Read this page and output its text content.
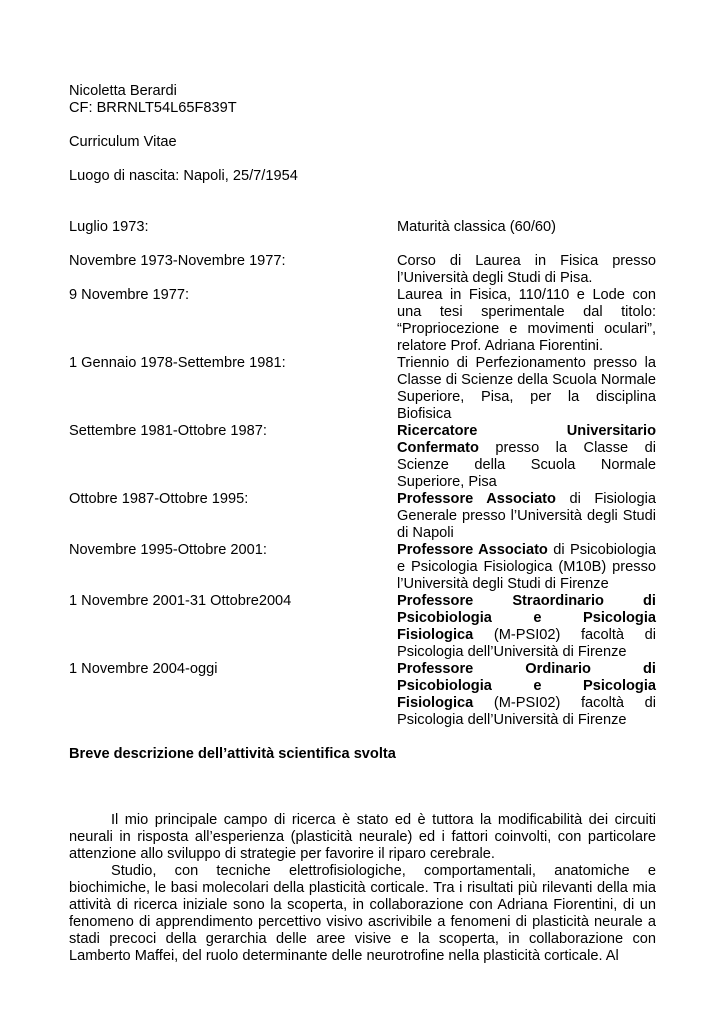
Nicoletta Berardi

CF: BRRNLT54L65F839T

Curriculum Vitae

Luogo di nascita: Napoli, 25/7/1954

Luglio 1973:	Maturità classica (60/60)
Novembre 1973-Novembre 1977:	Corso di Laurea in Fisica presso l’Università degli Studi di Pisa.
9 Novembre 1977:	Laurea in Fisica, 110/110 e Lode con una tesi sperimentale dal titolo: “Propriocezione e movimenti oculari”, relatore Prof. Adriana Fiorentini.
1 Gennaio 1978-Settembre 1981:	Triennio di Perfezionamento presso la Classe di Scienze della Scuola Normale Superiore, Pisa, per la disciplina Biofisica
Settembre 1981-Ottobre 1987:	Ricercatore Universitario Confermato presso la Classe di Scienze della Scuola Normale Superiore, Pisa
Ottobre 1987-Ottobre 1995:	Professore Associato di Fisiologia Generale presso l’Università degli Studi di Napoli
Novembre 1995-Ottobre 2001:	Professore Associato di Psicobiologia e Psicologia Fisiologica (M10B) presso l’Università degli Studi di Firenze
1 Novembre 2001-31 Ottobre2004	Professore Straordinario di Psicobiologia e Psicologia Fisiologica (M-PSI02) facoltà di Psicologia dell’Università di Firenze
1 Novembre 2004-oggi	Professore Ordinario di Psicobiologia e Psicologia Fisiologica (M-PSI02) facoltà di Psicologia dell’Università di Firenze

Breve descrizione dell’attività scientifica svolta

Il mio principale campo di ricerca è stato ed è tuttora la modificabilità dei circuiti neurali in risposta all’esperienza (plasticità neurale) ed i fattori coinvolti, con particolare attenzione allo sviluppo di strategie per favorire il riparo cerebrale.

Studio, con tecniche elettrofisiologiche, comportamentali, anatomiche e biochimiche, le basi molecolari della plasticità corticale. Tra i risultati più rilevanti della mia attività di ricerca iniziale sono la scoperta, in collaborazione con Adriana Fiorentini, di un fenomeno di apprendimento percettivo visivo ascrivibile a fenomeni di plasticità neurale a stadi precoci della gerarchia delle aree visive e la scoperta, in collaborazione con Lamberto Maffei, del ruolo determinante delle neurotrofine nella plasticità corticale. Al
